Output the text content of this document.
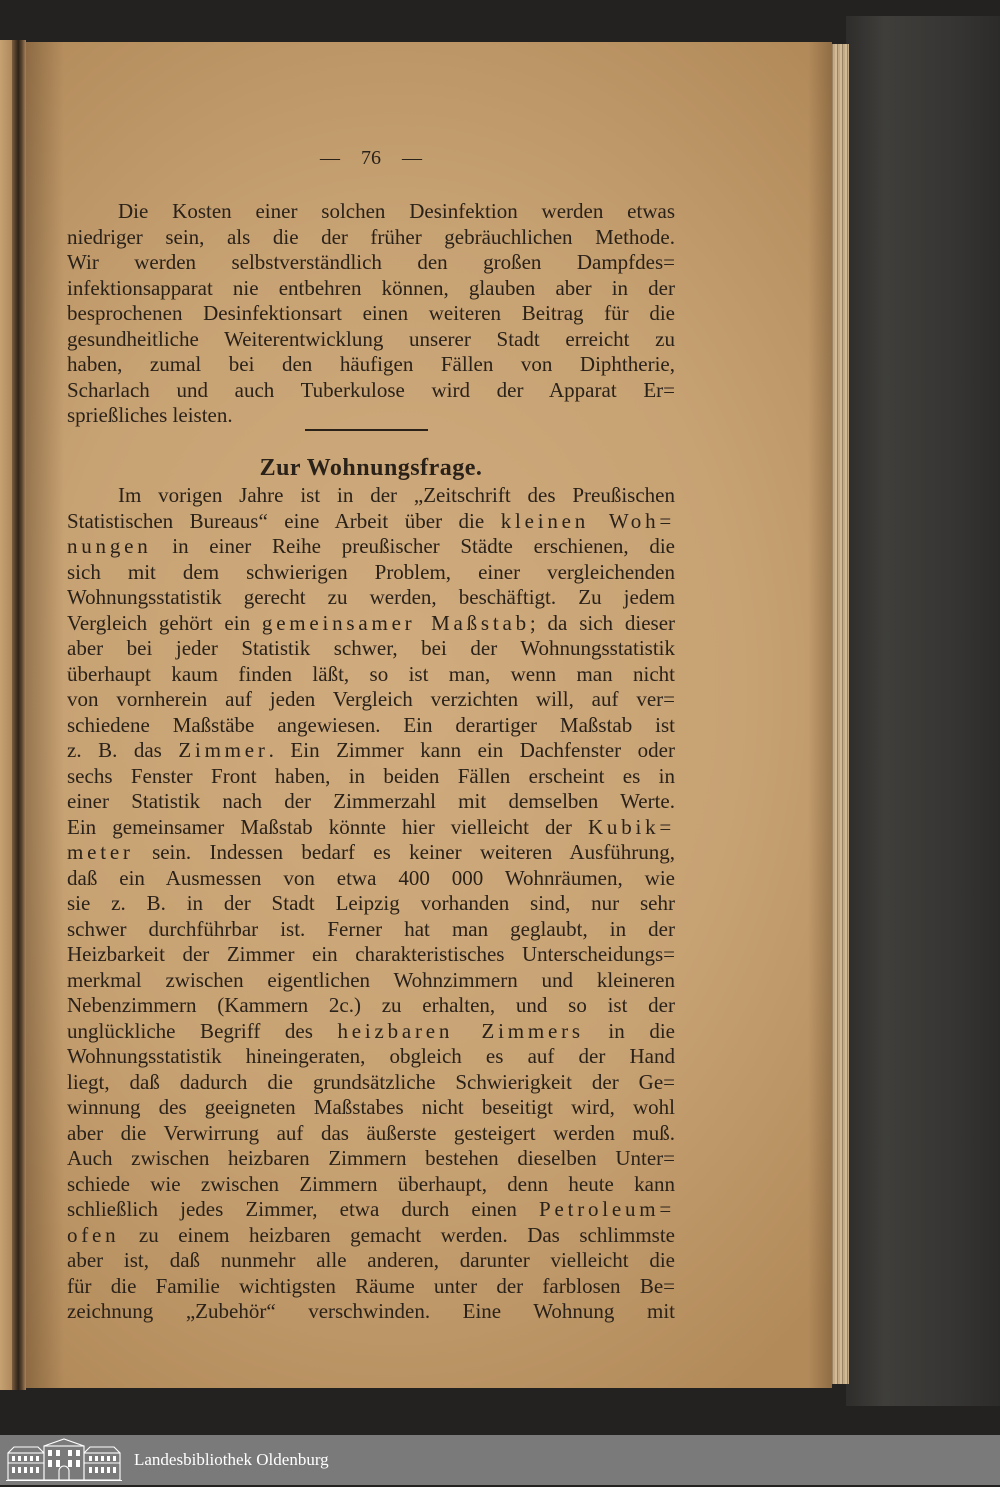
— 76 —
Die Kosten einer solchen Desinfektion werden etwas
niedriger sein, als die der früher gebräuchlichen Methode.
Wir werden selbstverständlich den großen Dampfdes=
infektionsapparat nie entbehren können, glauben aber in der
besprochenen Desinfektionsart einen weiteren Beitrag für die
gesundheitliche Weiterentwicklung unserer Stadt erreicht zu
haben, zumal bei den häufigen Fällen von Diphtherie,
Scharlach und auch Tuberkulose wird der Apparat Er=
sprießliches leisten.
Zur Wohnungsfrage.
Im vorigen Jahre ist in der „Zeitschrift des Preußischen
Statistischen Bureaus“ eine Arbeit über die kleinen Woh=
nungen in einer Reihe preußischer Städte erschienen, die
sich mit dem schwierigen Problem, einer vergleichenden
Wohnungsstatistik gerecht zu werden, beschäftigt. Zu jedem
Vergleich gehört ein gemeinsamer Maßstab; da sich dieser
aber bei jeder Statistik schwer, bei der Wohnungsstatistik
überhaupt kaum finden läßt, so ist man, wenn man nicht
von vornherein auf jeden Vergleich verzichten will, auf ver=
schiedene Maßstäbe angewiesen. Ein derartiger Maßstab ist
z. B. das Zimmer. Ein Zimmer kann ein Dachfenster oder
sechs Fenster Front haben, in beiden Fällen erscheint es in
einer Statistik nach der Zimmerzahl mit demselben Werte.
Ein gemeinsamer Maßstab könnte hier vielleicht der Kubik=
meter sein. Indessen bedarf es keiner weiteren Ausführung,
daß ein Ausmessen von etwa 400 000 Wohnräumen, wie
sie z. B. in der Stadt Leipzig vorhanden sind, nur sehr
schwer durchführbar ist. Ferner hat man geglaubt, in der
Heizbarkeit der Zimmer ein charakteristisches Unterscheidungs=
merkmal zwischen eigentlichen Wohnzimmern und kleineren
Nebenzimmern (Kammern 2c.) zu erhalten, und so ist der
unglückliche Begriff des heizbaren Zimmers in die
Wohnungsstatistik hineingeraten, obgleich es auf der Hand
liegt, daß dadurch die grundsätzliche Schwierigkeit der Ge=
winnung des geeigneten Maßstabes nicht beseitigt wird, wohl
aber die Verwirrung auf das äußerste gesteigert werden muß.
Auch zwischen heizbaren Zimmern bestehen dieselben Unter=
schiede wie zwischen Zimmern überhaupt, denn heute kann
schließlich jedes Zimmer, etwa durch einen Petroleum=
ofen zu einem heizbaren gemacht werden. Das schlimmste
aber ist, daß nunmehr alle anderen, darunter vielleicht die
für die Familie wichtigsten Räume unter der farblosen Be=
zeichnung „Zubehör“ verschwinden. Eine Wohnung mit
Landesbibliothek Oldenburg
